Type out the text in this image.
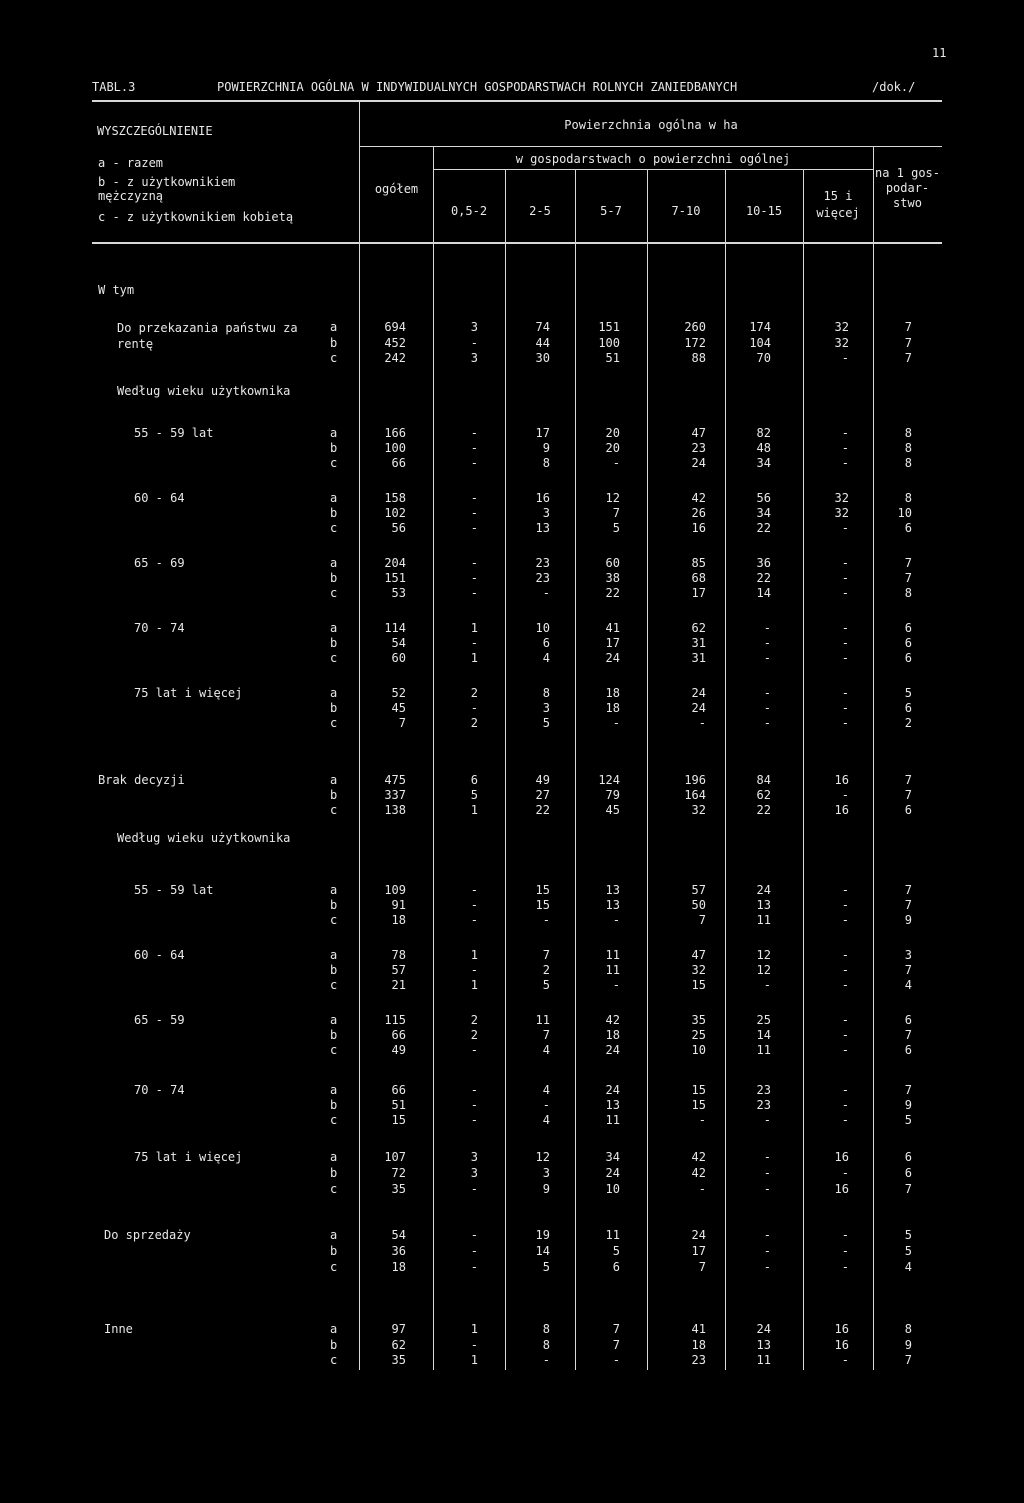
11
TABL.3	POWIERZCHNIA OGÓLNA W INDYWIDUALNYCH GOSPODARSTWACH ROLNYCH ZANIEDBANYCH	/dok./
WYSZCZEGÓLNIENIE
a - razem
b - z użytkownikiem mężczyzną
c - z użytkownikiem kobietą
Powierzchnia ogólna w ha
ogółem
w gospodarstwach o powierzchni ogólnej
0,5-2	2-5	5-7	7-10	10-15
15 i więcej
na 1 gos- podar- stwo
W tym
Do przekazania państwu za rentę
a	694	3	74	151	260	174	32	7
b	452	-	44	100	172	104	32	7
c	242	3	30	51	88	70	-	7
Według wieku użytkownika
55 - 59 lat	a	166	-	17	20	47	82	-	8
b	100	-	9	20	23	48	-	8
c	66	-	8	-	24	34	-	8
60 - 64	a	158	-	16	12	42	56	32	8
b	102	-	3	7	26	34	32	10
c	56	-	13	5	16	22	-	6
65 - 69	a	204	-	23	60	85	36	-	7
b	151	-	23	38	68	22	-	7
c	53	-	-	22	17	14	-	8
70 - 74	a	114	1	10	41	62	-	-	6
b	54	-	6	17	31	-	-	6
c	60	1	4	24	31	-	-	6
75 lat i więcej	a	52	2	8	18	24	-	-	5
b	45	-	3	18	24	-	-	6
c	7	2	5	-	-	-	-	2
Brak decyzji	a	475	6	49	124	196	84	16	7
b	337	5	27	79	164	62	-	7
c	138	1	22	45	32	22	16	6
Według wieku użytkownika
55 - 59 lat	a	109	-	15	13	57	24	-	7
b	91	-	15	13	50	13	-	7
c	18	-	-	-	7	11	-	9
60 - 64	a	78	1	7	11	47	12	-	3
b	57	-	2	11	32	12	-	7
c	21	1	5	-	15	-	-	4
65 - 59	a	115	2	11	42	35	25	-	6
b	66	2	7	18	25	14	-	7
c	49	-	4	24	10	11	-	6
70 - 74	a	66	-	4	24	15	23	-	7
b	51	-	-	13	15	23	-	9
c	15	-	4	11	-	-	-	5
75 lat i więcej	a	107	3	12	34	42	-	16	6
b	72	3	3	24	42	-	-	6
c	35	-	9	10	-	-	16	7
Do sprzedaży	a	54	-	19	11	24	-	-	5
b	36	-	14	5	17	-	-	5
c	18	-	5	6	7	-	-	4
Inne	a	97	1	8	7	41	24	16	8
b	62	-	8	7	18	13	16	9
c	35	1	-	-	23	11	-	7
